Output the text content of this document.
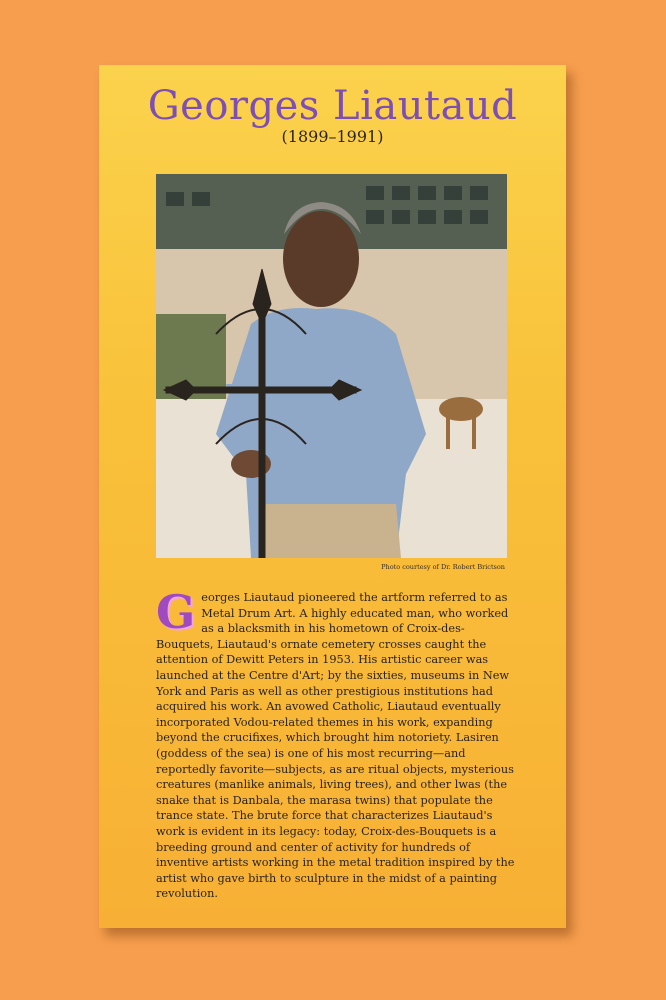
Georges Liautaud
(1899–1991)
Photo courtesy of Dr. Robert Brictson
Georges Liautaud pioneered the artform referred to as Metal Drum Art. A highly educated man, who worked as a blacksmith in his hometown of Croix-des-Bouquets, Liautaud's ornate cemetery crosses caught the attention of Dewitt Peters in 1953. His artistic career was launched at the Centre d'Art; by the sixties, museums in New York and Paris as well as other prestigious institutions had acquired his work. An avowed Catholic, Liautaud eventually incorporated Vodou-related themes in his work, expanding beyond the crucifixes, which brought him notoriety. Lasiren (goddess of the sea) is one of his most recurring—and reportedly favorite—subjects, as are ritual objects, mysterious creatures (manlike animals, living trees), and other lwas (the snake that is Danbala, the marasa twins) that populate the trance state. The brute force that characterizes Liautaud's work is evident in its legacy: today, Croix-des-Bouquets is a breeding ground and center of activity for hundreds of inventive artists working in the metal tradition inspired by the artist who gave birth to sculpture in the midst of a painting revolution.
